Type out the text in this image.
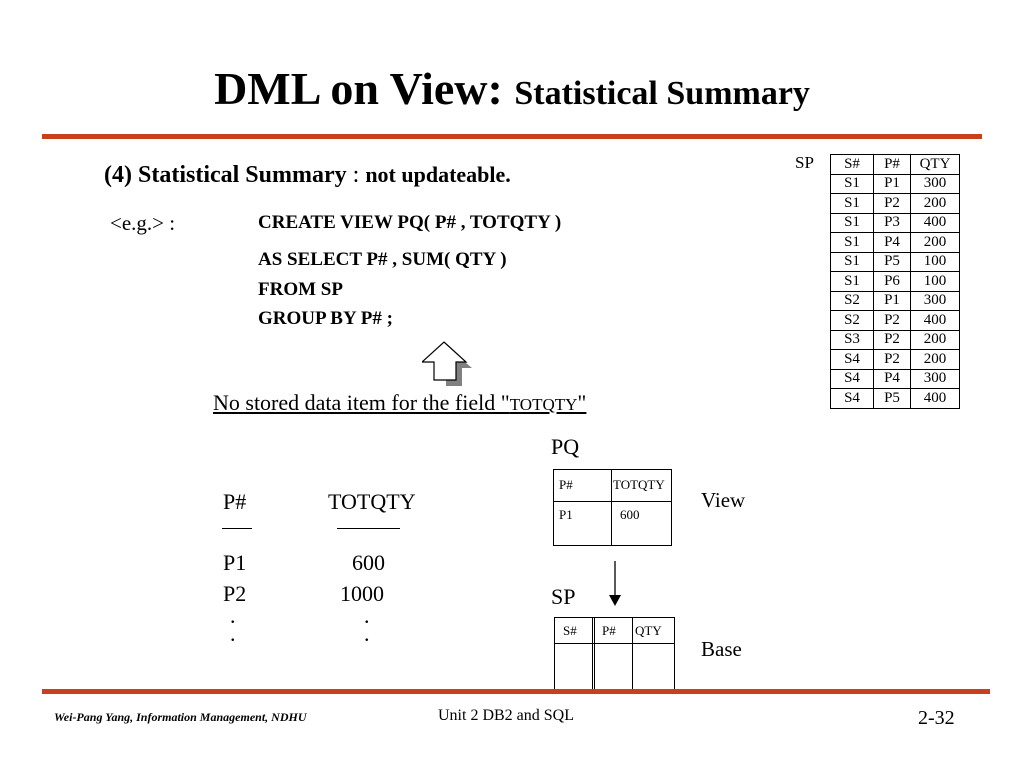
DML on View: Statistical Summary
(4) Statistical Summary : not updateable.
<e.g.> :	CREATE VIEW PQ( P# , TOTQTY )
AS SELECT P# , SUM( QTY )
FROM SP
GROUP BY P# ;
No stored data item for the field "TOTQTY"
SP S#	P#	QTY
S1	P1	300
S1	P2	200
S1	P3	400
S1	P4	200
S1	P5	100
S1	P6	100
S2	P1	300
S2	P2	400
S3	P2	200
S4	P2	200
S4	P4	300
S4	P5	400
P#	TOTQTY
P1	600
P2	1000
.
.
.
.
PQ
P#	TOTQTY
P1	600
View
SP
S# P# QTY
Base
Wei-Pang Yang, Information Management, NDHU	Unit 2 DB2 and SQL	2-32
